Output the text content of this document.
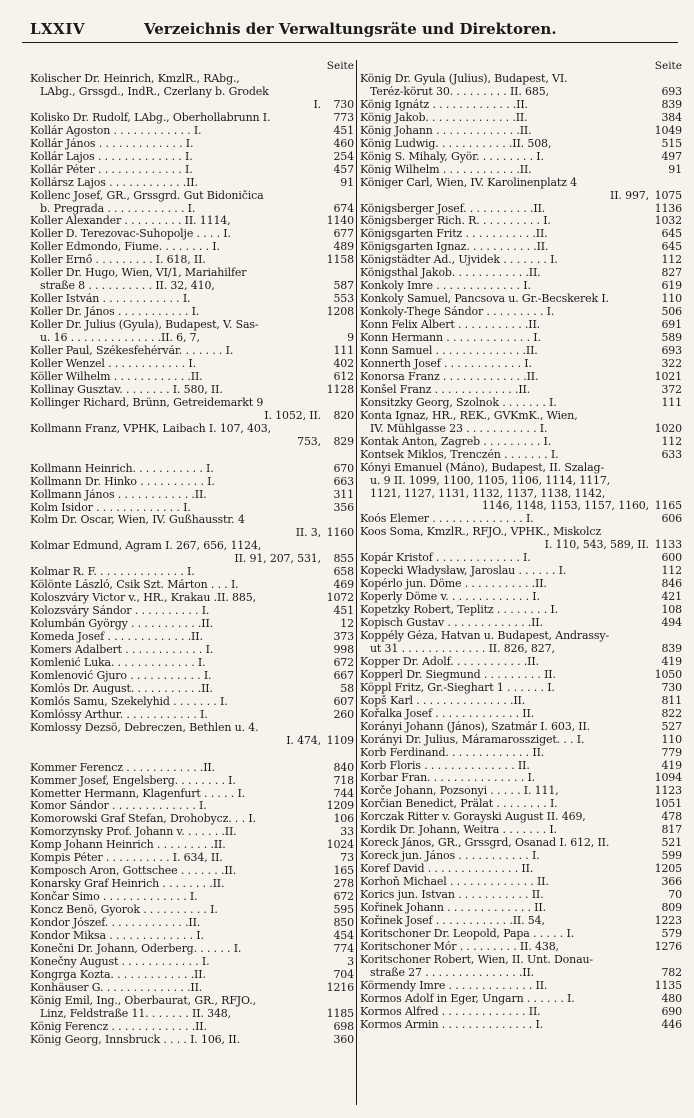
LXXIV	Verzeichnis der Verwaltungsräte und Direktoren.
Seite
Kolischer Dr. Heinrich, KmzlR., RAbg.,
LAbg., Grssgd., IndR., Czerlany b. Grodek
I.	730
Kolisko Dr. Rudolf, LAbg., Oberhollabrunn I.	773
Kollár Agoston . . . . . . . . . . . . I.	451
Kollár János . . . . . . . . . . . . . I.	460
Kollár Lajos . . . . . . . . . . . . . I.	254
Kollár Péter . . . . . . . . . . . . . I.	457
Kollársz Lajos . . . . . . . . . . . .II.	91
Kollenc Josef, GR., Grssgrd. Gut Bidoničica
b. Pregrada . . . . . . . . . . . . I.	674
Koller Alexander . . . . . . . . . II. 1114,	1140
Koller D. Terezovac-Suhopolje . . . . I.	677
Koller Edmondo, Fiume. . . . . . . . I.	489
Koller Ernő . . . . . . . . . I. 618, II.	1158
Koller Dr. Hugo, Wien, VI/1, Mariahilfer
straße 8 . . . . . . . . . . II. 32, 410,	587
Koller István . . . . . . . . . . . . I.	553
Koller Dr. János . . . . . . . . . . . I.	1208
Koller Dr. Julius (Gyula), Budapest, V. Sas-
u. 16 . . . . . . . . . . . . . .II. 6, 7,	9
Koller Paul, Székesfehérvár. . . . . . . I.	111
Koller Wenzel . . . . . . . . . . . . I.	402
Köller Wilhelm . . . . . . . . . . . .II.	612
Kollinay Gusztav. . . . . . . . I. 580, II.	1128
Kollinger Richard, Brünn, Getreidemarkt 9
I. 1052, II.	820
Kollmann Franz, VPHK, Laibach I. 107, 403,
753,	829
Kollmann Heinrich. . . . . . . . . . . I.	670
Kollmann Dr. Hinko . . . . . . . . . . I.	663
Kollmann János . . . . . . . . . . . .II.	311
Kolm Isidor . . . . . . . . . . . . . I.	356
Kolm Dr. Oscar, Wien, IV. Gußhausstr. 4
II. 3, 1160
Kolmar Edmund, Agram I. 267, 656, 1124,
II. 91, 207, 531,	855
Kolmar R. F. . . . . . . . . . . . . . I.	658
Kölönte László, Csik Szt. Márton . . . I.	469
Koloszváry Victor v., HR., Krakau .II. 885,	1072
Kolozsváry Sándor . . . . . . . . . . I.	451
Kolumbán György . . . . . . . . . . .II.	12
Komeda Josef . . . . . . . . . . . . .II.	373
Komers Adalbert . . . . . . . . . . . . I.	998
Komlenić Luka. . . . . . . . . . . . . I.	672
Komlenović Gjuro . . . . . . . . . . . I.	667
Komlós Dr. August. . . . . . . . . . .II.	58
Komlós Samu, Szekelyhid . . . . . . . I.	607
Komlóssy Arthur. . . . . . . . . . . . I.	260
Komlossy Dezsö, Debreczen, Bethlen u. 4.
I. 474, 1109
Kommer Ferencz . . . . . . . . . . . .II.	840
Kommer Josef, Engelsberg. . . . . . . . I.	718
Kometter Hermann, Klagenfurt . . . . . I.	744
Komor Sándor . . . . . . . . . . . . . I.	1209
Komorowski Graf Stefan, Drohobycz. . . I.	106
Komorzynsky Prof. Johann v. . . . . . .II.	33
Komp Johann Heinrich . . . . . . . . .II.	1024
Kompis Péter . . . . . . . . . . I. 634, II.	73
Komposch Aron, Gottschee . . . . . . .II.	165
Konarsky Graf Heinrich . . . . . . . .II.	278
Končar Simo . . . . . . . . . . . . . I.	672
Koncz Benö, Gyorok . . . . . . . . . . I.	595
Kondor Jószef. . . . . . . . . . . . .II.	850
Kondor Miksa . . . . . . . . . . . . . I.	454
Konečni Dr. Johann, Oderberg. . . . . . I.	774
Konečny August . . . . . . . . . . . . I.	3
Kongrga Kozta. . . . . . . . . . . . .II.	704
Konhäuser G. . . . . . . . . . . . . .II.	1216
König Emil, Ing., Oberbaurat, GR., RFJO.,
Linz, Feldstraße 11. . . . . . . II. 348,	1185
König Ferencz . . . . . . . . . . . . .II.	698
König Georg, Innsbruck . . . . I. 106, II.	360
Seite
König Dr. Gyula (Julius), Budapest, VI.
Teréz-körut 30. . . . . . . . . II. 685,	693
König Ignátz . . . . . . . . . . . . .II.	839
König Jakob. . . . . . . . . . . . . .II.	384
König Johann . . . . . . . . . . . . .II.	1049
König Ludwig. . . . . . . . . . . .II. 508,	515
König S. Mihaly, Györ. . . . . . . . . I.	497
König Wilhelm . . . . . . . . . . . .II.	91
Königer Carl, Wien, IV. Karolinenplatz 4
II. 997, 1075
Königsberger Josef. . . . . . . . . . .II.	1136
Königsberger Rich. R. . . . . . . . . . I.	1032
Königsgarten Fritz . . . . . . . . . . .II.	645
Königsgarten Ignaz. . . . . . . . . . .II.	645
Königstädter Ad., Ujvidek . . . . . . . I.	112
Königsthal Jakob. . . . . . . . . . . .II.	827
Konkoly Imre . . . . . . . . . . . . . I.	619
Konkoly Samuel, Pancsova u. Gr.-Becskerek I.	110
Konkoly-Thege Sándor . . . . . . . . . I.	506
Konn Felix Albert . . . . . . . . . . .II.	691
Konn Hermann . . . . . . . . . . . . . I.	589
Konn Samuel . . . . . . . . . . . . . .II.	693
Konnerth Josef . . . . . . . . . . . . I.	322
Konorsa Franz . . . . . . . . . . . . .II.	1021
Konšel Franz . . . . . . . . . . . . .II.	372
Konsitzky Georg, Szolnok . . . . . . . I.	111
Konta Ignaz, HR., REK., GVKmK., Wien,
IV. Mühlgasse 23 . . . . . . . . . . . I.	1020
Kontak Anton, Zagreb . . . . . . . . . I.	112
Kontsek Miklos, Trenczén . . . . . . . I.	633
Kónyi Emanuel (Máno), Budapest, II. Szalag-
u. 9 II. 1099, 1100, 1105, 1106, 1114, 1117,
1121, 1127, 1131, 1132, 1137, 1138, 1142,
1146, 1148, 1153, 1157, 1160, 1165
Koós Elemer . . . . . . . . . . . . . . I.	606
Koos Soma, KmzlR., RFJO., VPHK., Miskolcz
I. 110, 543, 589, II. 1133
Kopár Kristof . . . . . . . . . . . . . I.	600
Kopecki Władysław, Jaroslau . . . . . . I.	112
Kopérlo jun. Döme . . . . . . . . . . .II.	846
Koperly Döme v. . . . . . . . . . . . . I.	421
Kopetzky Robert, Teplitz . . . . . . . . I.	108
Kopisch Gustav . . . . . . . . . . . . .II.	494
Koppély Géza, Hatvan u. Budapest, Andrassy-
ut 31 . . . . . . . . . . . . . II. 826, 827,	839
Kopper Dr. Adolf. . . . . . . . . . . .II.	419
Kopperl Dr. Siegmund . . . . . . . . . II.	1050
Köppl Fritz, Gr.-Sieghart 1 . . . . . . I.	730
Kopš Karl . . . . . . . . . . . . . . .II.	811
Kořalka Josef . . . . . . . . . . . . . II.	822
Korányi Johann (János), Szatmár I. 603, II.	527
Korányi Dr. Julius, Máramarossziget. . . I.	110
Korb Ferdinand. . . . . . . . . . . . . II.	779
Korb Floris . . . . . . . . . . . . . . II.	419
Korbar Fran. . . . . . . . . . . . . . . I.	1094
Korče Johann, Pozsonyi . . . . . I. 111,	1123
Korčian Benedict, Prälat . . . . . . . . I.	1051
Korczak Ritter v. Gorayski August II. 469,	478
Kordik Dr. Johann, Weitra . . . . . . . I.	817
Koreck János, GR., Grssgrd, Osanad I. 612, II.	521
Koreck jun. János . . . . . . . . . . . I.	599
Koref David . . . . . . . . . . . . . . II.	1205
Korhoň Michael . . . . . . . . . . . . . II.	366
Korics jun. Istvan . . . . . . . . . . . II.	70
Kořinek Johann . . . . . . . . . . . . . II.	809
Kořinek Josef . . . . . . . . . . . .II. 54,	1223
Koritschoner Dr. Leopold, Papa . . . . . I.	579
Koritschoner Mór . . . . . . . . . II. 438,	1276
Koritschoner Robert, Wien, II. Unt. Donau-
straße 27 . . . . . . . . . . . . . . .II.	782
Körmendy Imre . . . . . . . . . . . . . II.	1135
Kormos Adolf in Eger, Ungarn . . . . . . I.	480
Kormos Alfred . . . . . . . . . . . . . II.	690
Kormos Armin . . . . . . . . . . . . . . I.	446
